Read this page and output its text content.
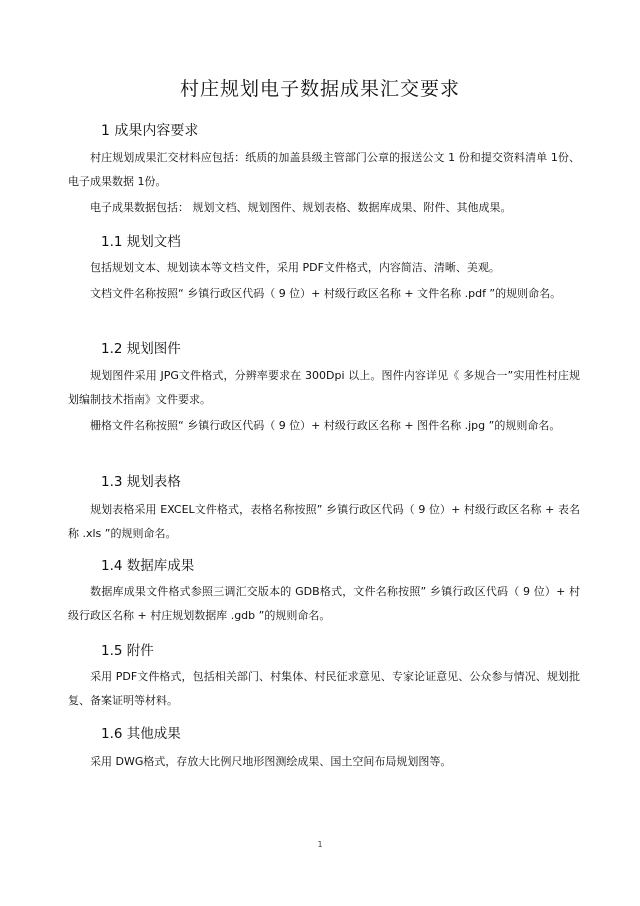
村庄规划电子数据成果汇交要求
1 成果内容要求
村庄规划成果汇交材料应包括：纸质的加盖县级主管部门公章的报送公文 1 份和提交资料清单 1份、电子成果数据 1份。
电子成果数据包括： 规划文档、规划图件、规划表格、数据库成果、附件、其他成果。
1.1 规划文档
包括规划文本、规划读本等文档文件，采用 PDF文件格式，内容简洁、清晰、美观。
文档文件名称按照“ 乡镇行政区代码（ 9 位）+ 村级行政区名称 + 文件名称 .pdf ”的规则命名。
1.2 规划图件
规划图件采用 JPG文件格式，分辨率要求在 300Dpi 以上。图件内容详见《 多规合一”实用性村庄规划编制技术指南》文件要求。
栅格文件名称按照“ 乡镇行政区代码（ 9 位）+ 村级行政区名称 + 图件名称 .jpg ”的规则命名。
1.3 规划表格
规划表格采用 EXCEL文件格式，表格名称按照” 乡镇行政区代码（ 9 位）+ 村级行政区名称 + 表名称 .xls ”的规则命名。
1.4 数据库成果
数据库成果文件格式参照三调汇交版本的 GDB格式，文件名称按照” 乡镇行政区代码（ 9 位）+ 村级行政区名称 + 村庄规划数据库 .gdb ”的规则命名。
1.5 附件
采用 PDF文件格式，包括相关部门、村集体、村民征求意见、专家论证意见、公众参与情况、规划批复、备案证明等材料。
1.6 其他成果
采用 DWG格式，存放大比例尺地形图测绘成果、国土空间布局规划图等。
1
